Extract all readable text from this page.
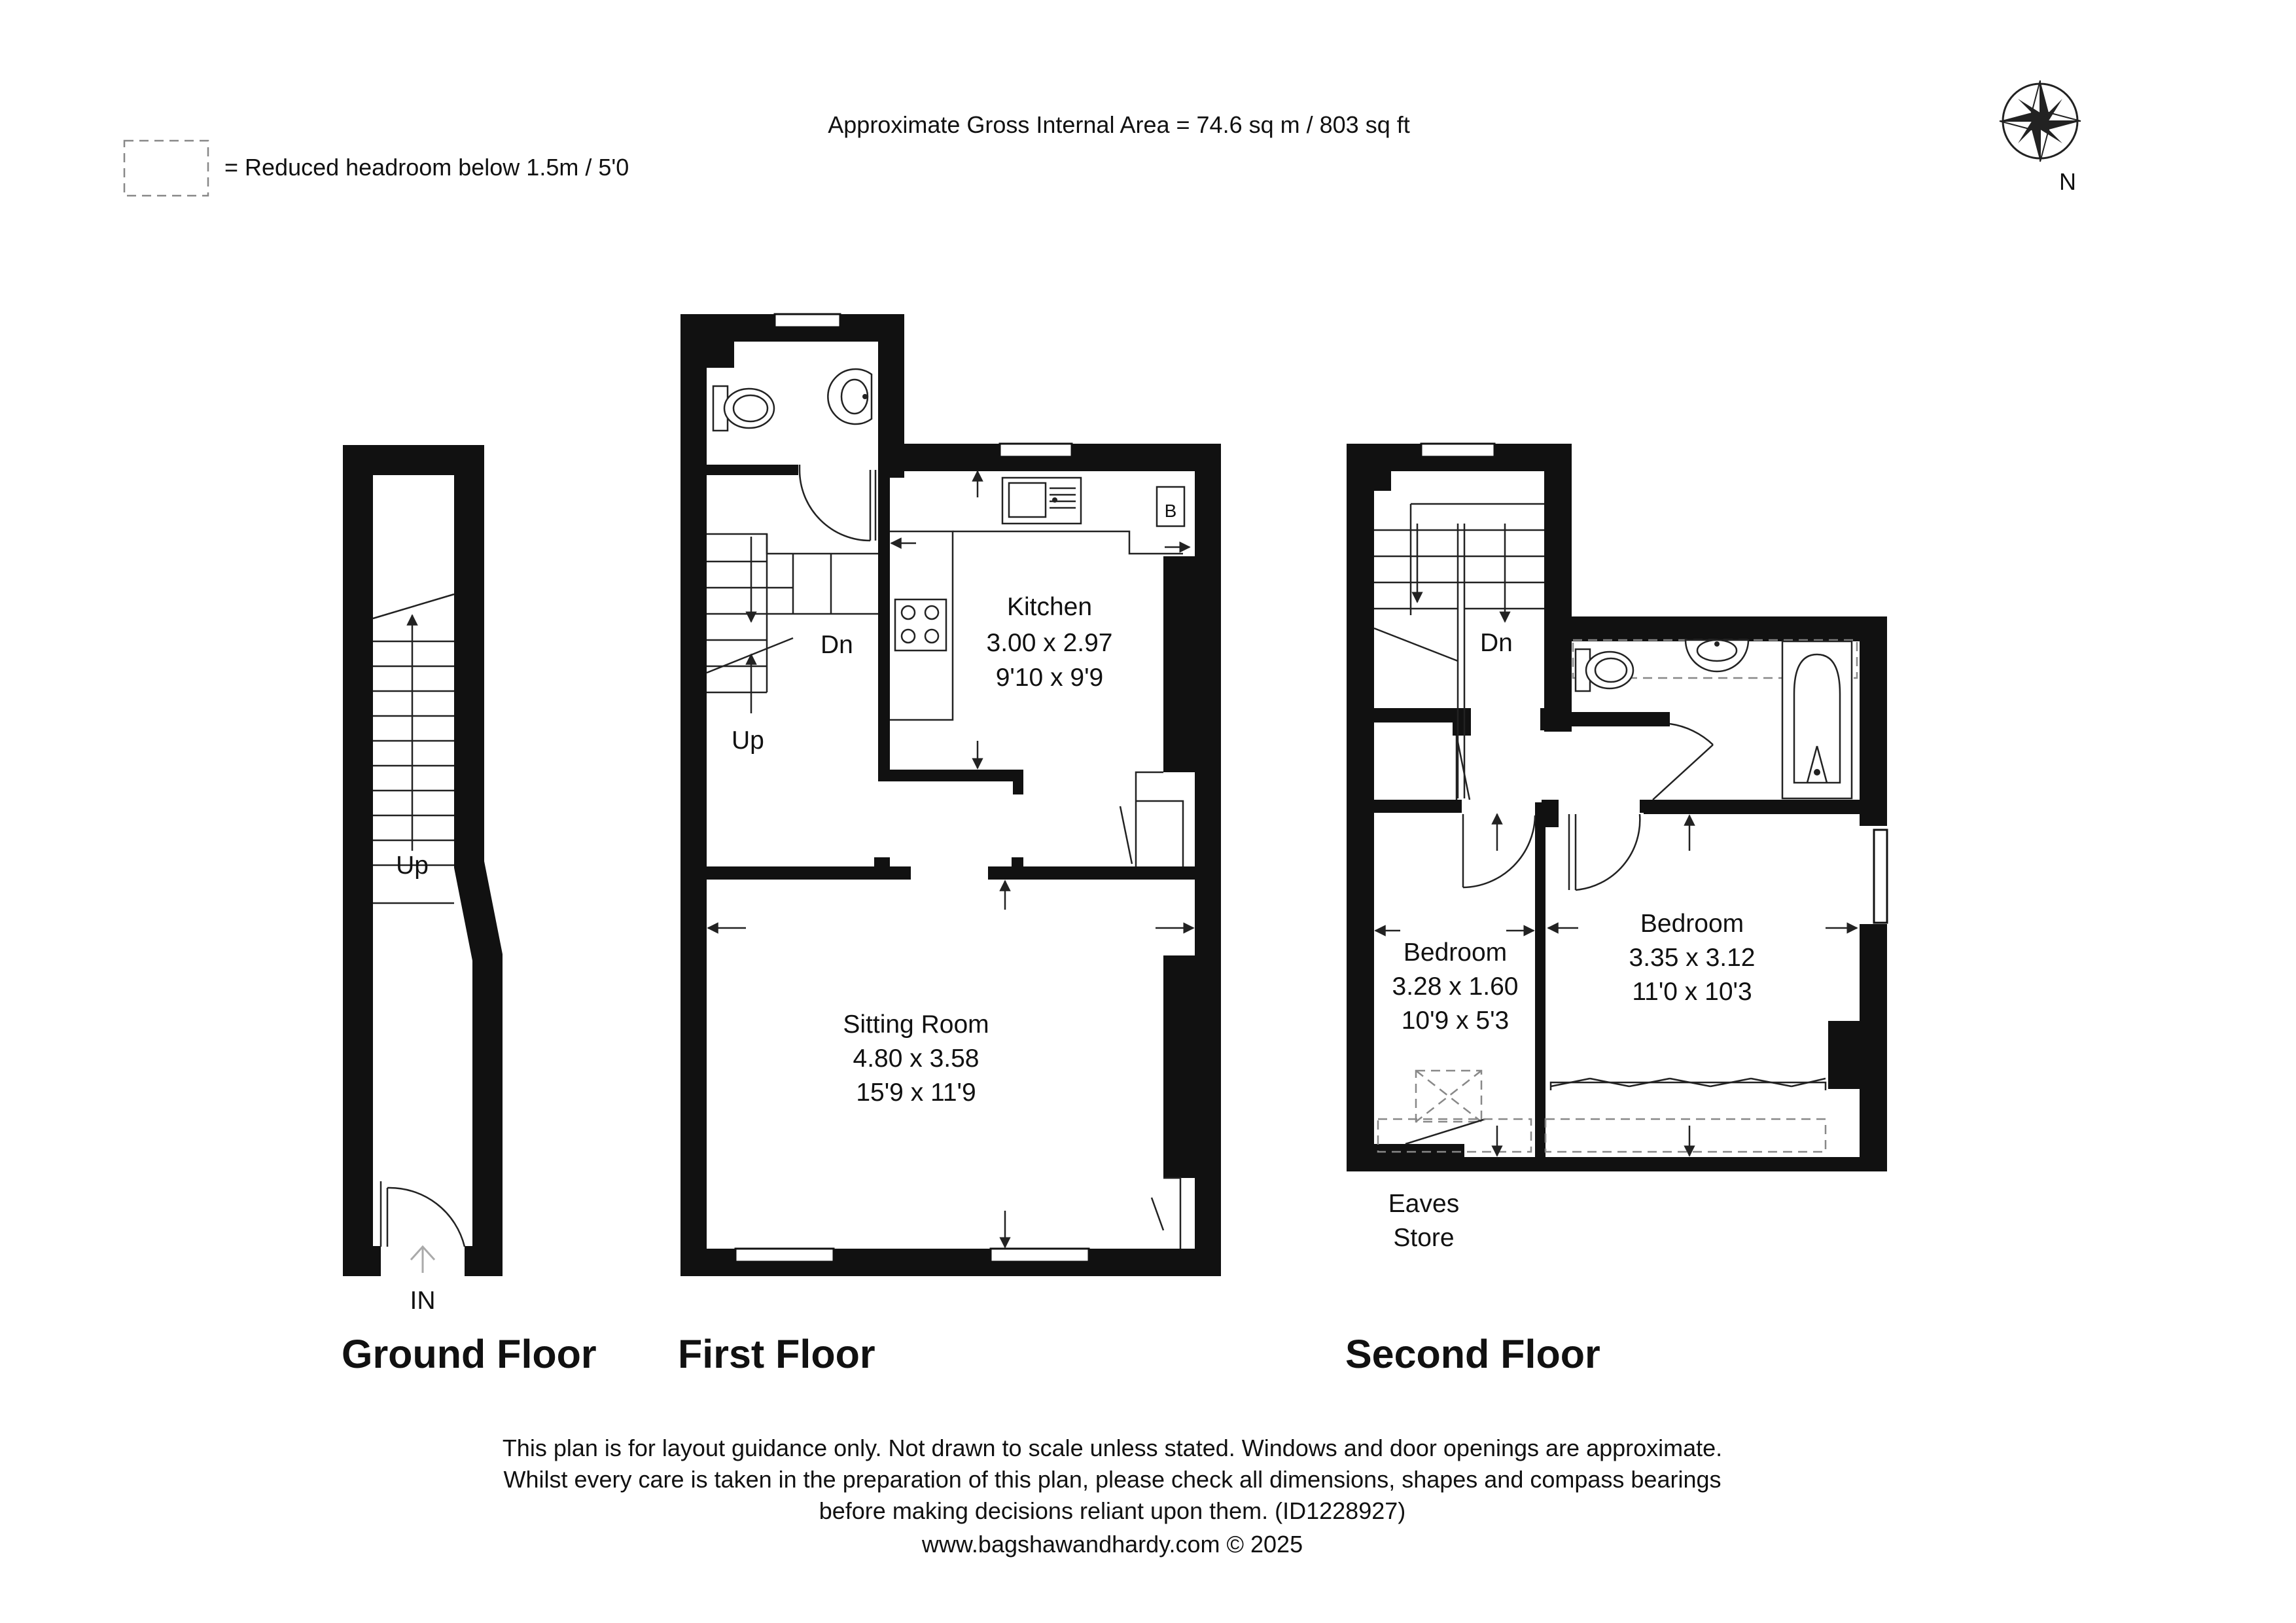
Approximate Gross Internal Area = 74.6 sq m / 803 sq ft
= Reduced headroom below 1.5m / 5'0
N
Up
IN
Ground Floor
Dn
Up
B
Kitchen
3.00 x 2.97
9'10 x 9'9
Sitting Room
4.80 x 3.58
15'9 x 11'9
First Floor
Dn
Bedroom
3.28 x 1.60
10'9 x 5'3
Bedroom
3.35 x 3.12
11'0 x 10'3
Eaves
Store
Second Floor
This plan is for layout guidance only. Not drawn to scale unless stated. Windows and door openings are approximate.
Whilst every care is taken in the preparation of this plan, please check all dimensions, shapes and compass bearings
before making decisions reliant upon them. (ID1228927)
www.bagshawandhardy.com © 2025
